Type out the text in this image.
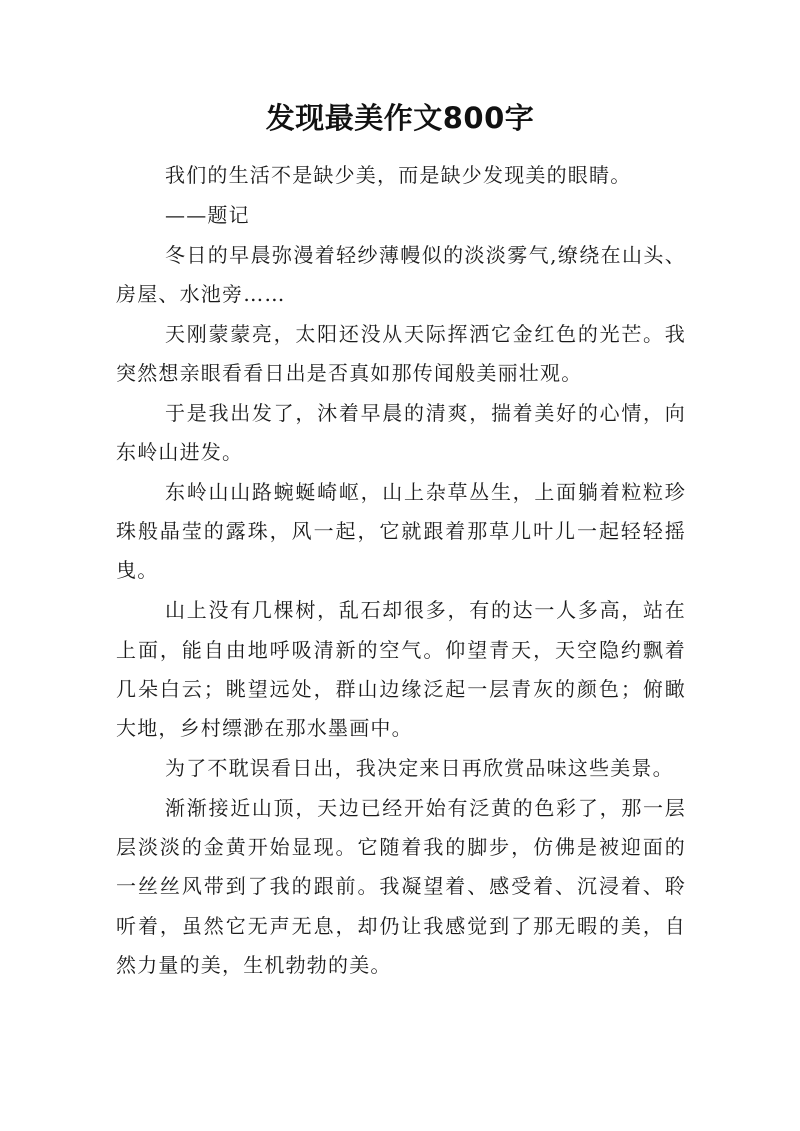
发现最美作文800字

我们的生活不是缺少美，而是缺少发现美的眼睛。

——题记

冬日的早晨弥漫着轻纱薄幔似的淡淡雾气,缭绕在山头、房屋、水池旁……

天刚蒙蒙亮，太阳还没从天际挥洒它金红色的光芒。我突然想亲眼看看日出是否真如那传闻般美丽壮观。

于是我出发了，沐着早晨的清爽，揣着美好的心情，向东岭山进发。

东岭山山路蜿蜒崎岖，山上杂草丛生，上面躺着粒粒珍珠般晶莹的露珠，风一起，它就跟着那草儿叶儿一起轻轻摇曳。

山上没有几棵树，乱石却很多，有的达一人多高，站在上面，能自由地呼吸清新的空气。仰望青天，天空隐约飘着几朵白云；眺望远处，群山边缘泛起一层青灰的颜色；俯瞰大地，乡村缥渺在那水墨画中。

为了不耽误看日出，我决定来日再欣赏品味这些美景。

渐渐接近山顶，天边已经开始有泛黄的色彩了，那一层层淡淡的金黄开始显现。它随着我的脚步，仿佛是被迎面的一丝丝风带到了我的跟前。我凝望着、感受着、沉浸着、聆听着，虽然它无声无息，却仍让我感觉到了那无暇的美，自然力量的美，生机勃勃的美。
